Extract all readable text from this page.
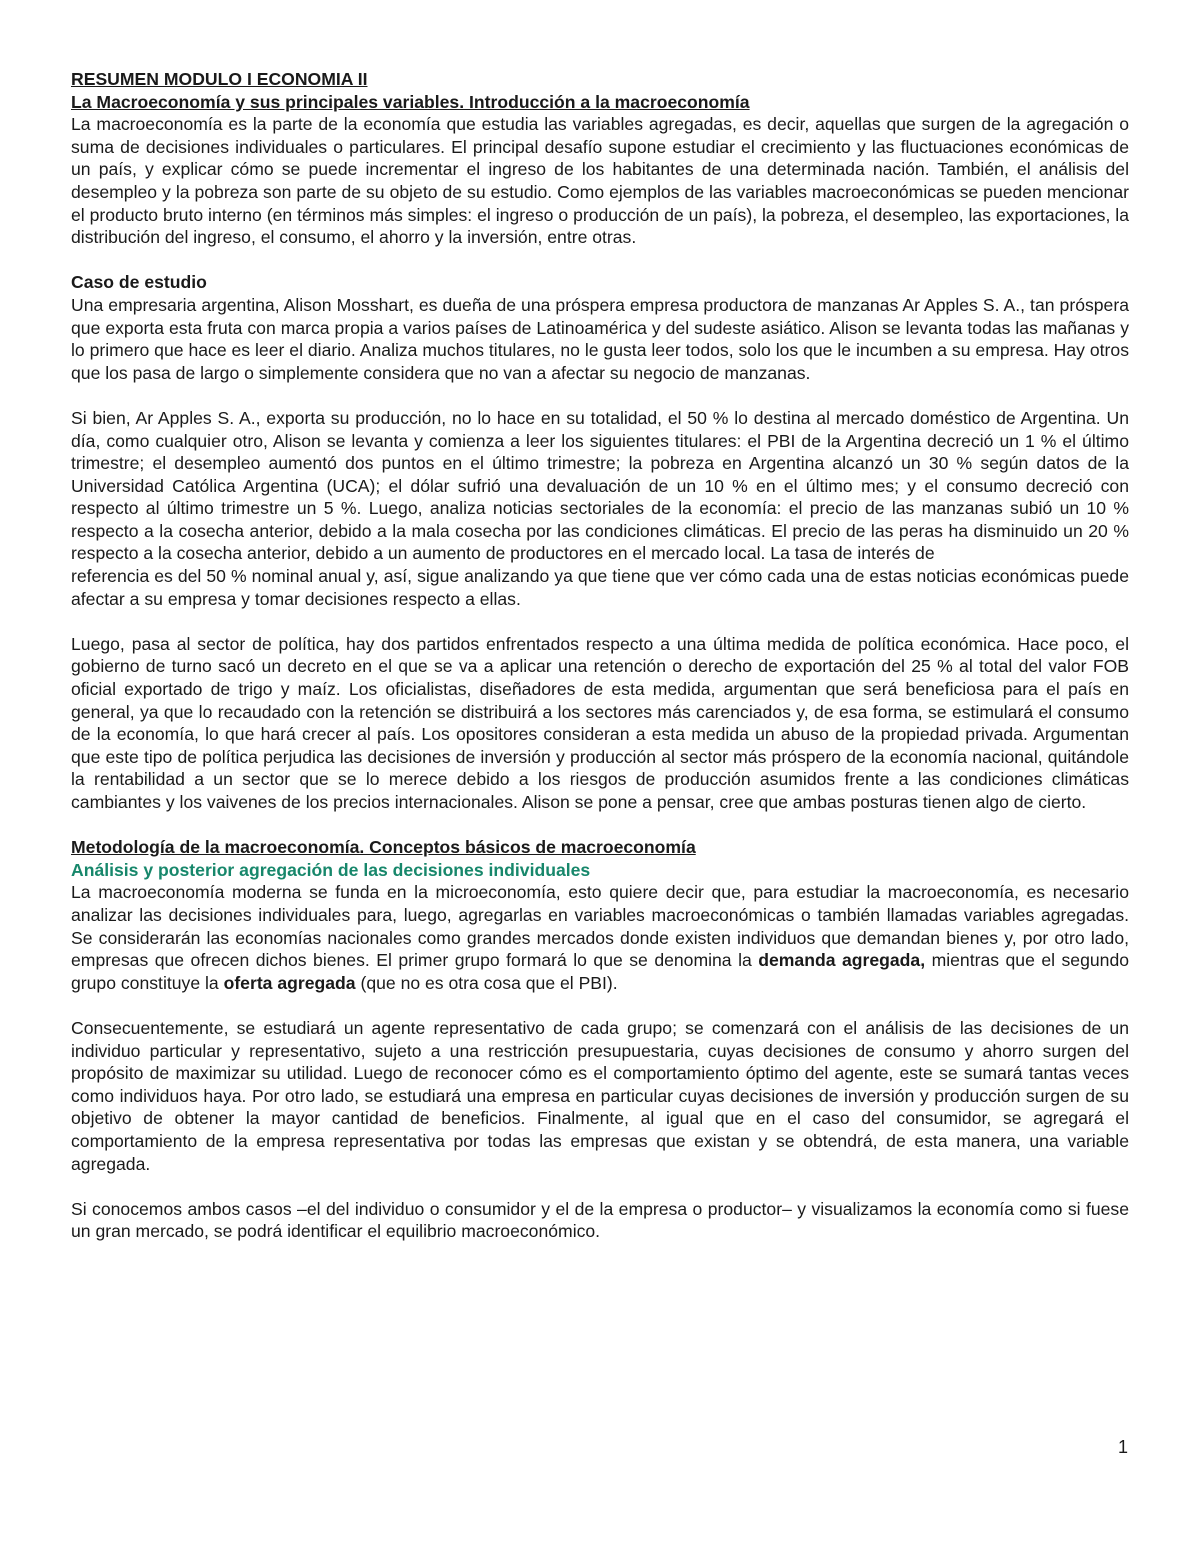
RESUMEN MODULO I ECONOMIA II

La Macroeconomía y sus principales variables. Introducción a la macroeconomía

La macroeconomía es la parte de la economía que estudia las variables agregadas, es decir, aquellas que surgen de la agregación o suma de decisiones individuales o particulares. El principal desafío supone estudiar el crecimiento y las fluctuaciones económicas de un país, y explicar cómo se puede incrementar el ingreso de los habitantes de una determinada nación. También, el análisis del desempleo y la pobreza son parte de su objeto de su estudio. Como ejemplos de las variables macroeconómicas se pueden mencionar el producto bruto interno (en términos más simples: el ingreso o producción de un país), la pobreza, el desempleo, las exportaciones, la distribución del ingreso, el consumo, el ahorro y la inversión, entre otras.

Caso de estudio

Una empresaria argentina, Alison Mosshart, es dueña de una próspera empresa productora de manzanas Ar Apples S. A., tan próspera que exporta esta fruta con marca propia a varios países de Latinoamérica y del sudeste asiático. Alison se levanta todas las mañanas y lo primero que hace es leer el diario. Analiza muchos titulares, no le gusta leer todos, solo los que le incumben a su empresa. Hay otros que los pasa de largo o simplemente considera que no van a afectar su negocio de manzanas.

Si bien, Ar Apples S. A., exporta su producción, no lo hace en su totalidad, el 50 % lo destina al mercado doméstico de Argentina. Un día, como cualquier otro, Alison se levanta y comienza a leer los siguientes titulares: el PBI de la Argentina decreció un 1 % el último trimestre; el desempleo aumentó dos puntos en el último trimestre; la pobreza en Argentina alcanzó un 30 % según datos de la Universidad Católica Argentina (UCA); el dólar sufrió una devaluación de un 10 % en el último mes; y el consumo decreció con respecto al último trimestre un 5 %. Luego, analiza noticias sectoriales de la economía: el precio de las manzanas subió un 10 % respecto a la cosecha anterior, debido a la mala cosecha por las condiciones climáticas. El precio de las peras ha disminuido un 20 % respecto a la cosecha anterior, debido a un aumento de productores en el mercado local. La tasa de interés de

referencia es del 50 % nominal anual y, así, sigue analizando ya que tiene que ver cómo cada una de estas noticias económicas puede afectar a su empresa y tomar decisiones respecto a ellas.

Luego, pasa al sector de política, hay dos partidos enfrentados respecto a una última medida de política económica. Hace poco, el gobierno de turno sacó un decreto en el que se va a aplicar una retención o derecho de exportación del 25 % al total del valor FOB oficial exportado de trigo y maíz. Los oficialistas, diseñadores de esta medida, argumentan que será beneficiosa para el país en general, ya que lo recaudado con la retención se distribuirá a los sectores más carenciados y, de esa forma, se estimulará el consumo de la economía, lo que hará crecer al país. Los opositores consideran a esta medida un abuso de la propiedad privada. Argumentan que este tipo de política perjudica las decisiones de inversión y producción al sector más próspero de la economía nacional, quitándole la rentabilidad a un sector que se lo merece debido a los riesgos de producción asumidos frente a las condiciones climáticas cambiantes y los vaivenes de los precios internacionales. Alison se pone a pensar, cree que ambas posturas tienen algo de cierto.

Metodología de la macroeconomía. Conceptos básicos de macroeconomía

Análisis y posterior agregación de las decisiones individuales

La macroeconomía moderna se funda en la microeconomía, esto quiere decir que, para estudiar la macroeconomía, es necesario analizar las decisiones individuales para, luego, agregarlas en variables macroeconómicas o también llamadas variables agregadas. Se considerarán las economías nacionales como grandes mercados donde existen individuos que demandan bienes y, por otro lado, empresas que ofrecen dichos bienes. El primer grupo formará lo que se denomina la demanda agregada, mientras que el segundo grupo constituye la oferta agregada (que no es otra cosa que el PBI).

Consecuentemente, se estudiará un agente representativo de cada grupo; se comenzará con el análisis de las decisiones de un individuo particular y representativo, sujeto a una restricción presupuestaria, cuyas decisiones de consumo y ahorro surgen del propósito de maximizar su utilidad. Luego de reconocer cómo es el comportamiento óptimo del agente, este se sumará tantas veces como individuos haya. Por otro lado, se estudiará una empresa en particular cuyas decisiones de inversión y producción surgen de su objetivo de obtener la mayor cantidad de beneficios. Finalmente, al igual que en el caso del consumidor, se agregará el comportamiento de la empresa representativa por todas las empresas que existan y se obtendrá, de esta manera, una variable agregada.

Si conocemos ambos casos –el del individuo o consumidor y el de la empresa o productor– y visualizamos la economía como si fuese un gran mercado, se podrá identificar el equilibrio macroeconómico.

1
